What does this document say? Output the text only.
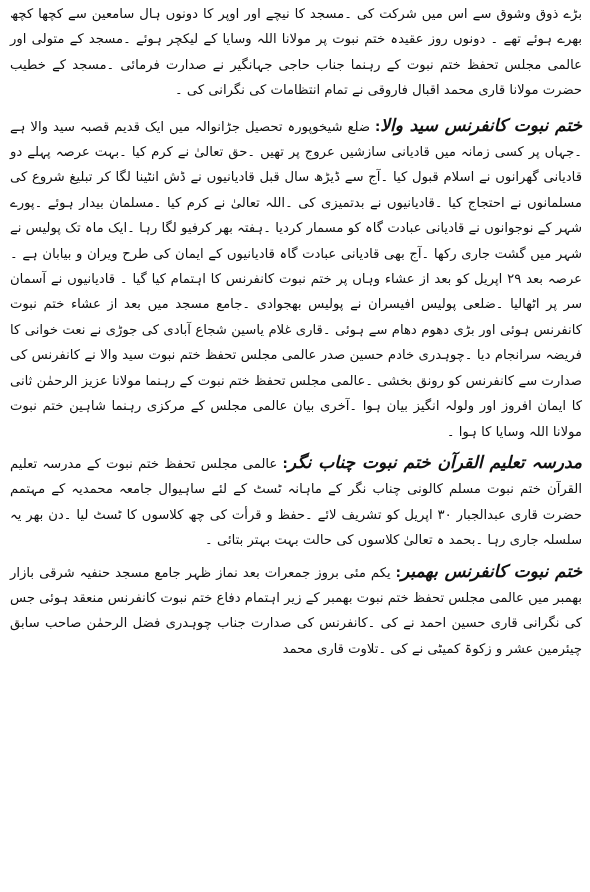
بڑے ذوق وشوق سے اس میں شرکت کی ۔مسجد کا نیچے اور اوپر کا دونوں ہال سامعین سے کچھا کچھ بھرے ہوئے تھے ۔ دونوں روز عقیدہ ختم نبوت پر مولانا اللہ وسایا کے لیکچر ہوئے ۔مسجد کے متولی اور عالمی مجلس تحفظ ختم نبوت کے رہنما جناب حاجی جہانگیر نے صدارت فرمائی ۔مسجد کے خطیب حضرت مولانا قاری محمد اقبال فاروقی نے تمام انتظامات کی نگرانی کی ۔

ختم نبوت کانفرنس سید والا: ضلع شیخوپورہ تحصیل جڑانوالہ میں ایک قدیم قصبہ سید والا ہے ۔جہاں پر کسی زمانہ میں قادیانی سازشیں عروج پر تھیں ۔حق تعالیٰ نے کرم کیا ۔بہت عرصہ پہلے دو قادیانی گھرانوں نے اسلام قبول کیا ۔آج سے ڈیڑھ سال قبل قادیانیوں نے ڈش انٹینا لگا کر تبلیغ شروع کی مسلمانوں نے احتجاج کیا ۔قادیانیوں نے بدتمیزی کی ۔اللہ تعالیٰ نے کرم کیا ۔مسلمان بیدار ہوئے ۔پورے شہر کے نوجوانوں نے قادیانی عبادت گاہ کو مسمار کردیا ۔ہفتہ بھر کرفیو لگا رہا ۔ایک ماہ تک پولیس نے شہر میں گشت جاری رکھا ۔آج بھی قادیانی عبادت گاہ قادیانیوں کے ایمان کی طرح ویران و بیابان ہے ۔عرصہ بعد ۲۹ اپریل کو بعد از عشاء وہاں پر ختم نبوت کانفرنس کا اہتمام کیا گیا ۔ قادیانیوں نے آسمان سر پر اٹھالیا ۔ضلعی پولیس افیسران نے پولیس بھجوادی ۔جامع مسجد میں بعد از عشاء ختم نبوت کانفرنس ہوئی اور بڑی دھوم دھام سے ہوئی ۔قاری غلام یاسین شجاع آبادی کی جوڑی نے نعت خوانی کا فریضہ سرانجام دیا ۔چوہدری خادم حسین صدر عالمی مجلس تحفظ ختم نبوت سید والا نے کانفرنس کی صدارت سے کانفرنس کو رونق بخشی ۔عالمی مجلس تحفظ ختم نبوت کے رہنما مولانا عزیز الرحمٰن ثانی کا ایمان افروز اور ولولہ انگیز بیان ہوا ۔آخری بیان عالمی مجلس کے مرکزی رہنما شاہین ختم نبوت مولانا اللہ وسایا کا ہوا ۔

مدرسہ تعلیم القرآن ختم نبوت چناب نگر: عالمی مجلس تحفظ ختم نبوت کے مدرسہ تعلیم القرآن ختم نبوت مسلم کالونی چناب نگر کے ماہانہ ٹسٹ کے لئے ساہیوال جامعہ محمدیہ کے مہتمم حضرت قاری عبدالجبار ۳۰ اپریل کو تشریف لائے ۔حفظ و قرأت کی چھ کلاسوں کا ٹسٹ لیا ۔دن بھر یہ سلسلہ جاری رہا ۔بحمد ہ تعالیٰ کلاسوں کی حالت بہت بہتر بتائی ۔

ختم نبوت کانفرنس بھمبر: یکم مئی بروز جمعرات بعد نماز ظہر جامع مسجد حنفیہ شرقی بازار بھمبر میں عالمی مجلس تحفظ ختم نبوت بھمبر کے زیر اہتمام دفاع ختم نبوت کانفرنس منعقد ہوئی جس کی نگرانی قاری حسین احمد نے کی ۔کانفرنس کی صدارت جناب چوہدری فضل الرحمٰن صاحب سابق چیئرمین عشر و زکوۃ کمیٹی نے کی ۔تلاوت قاری محمد
